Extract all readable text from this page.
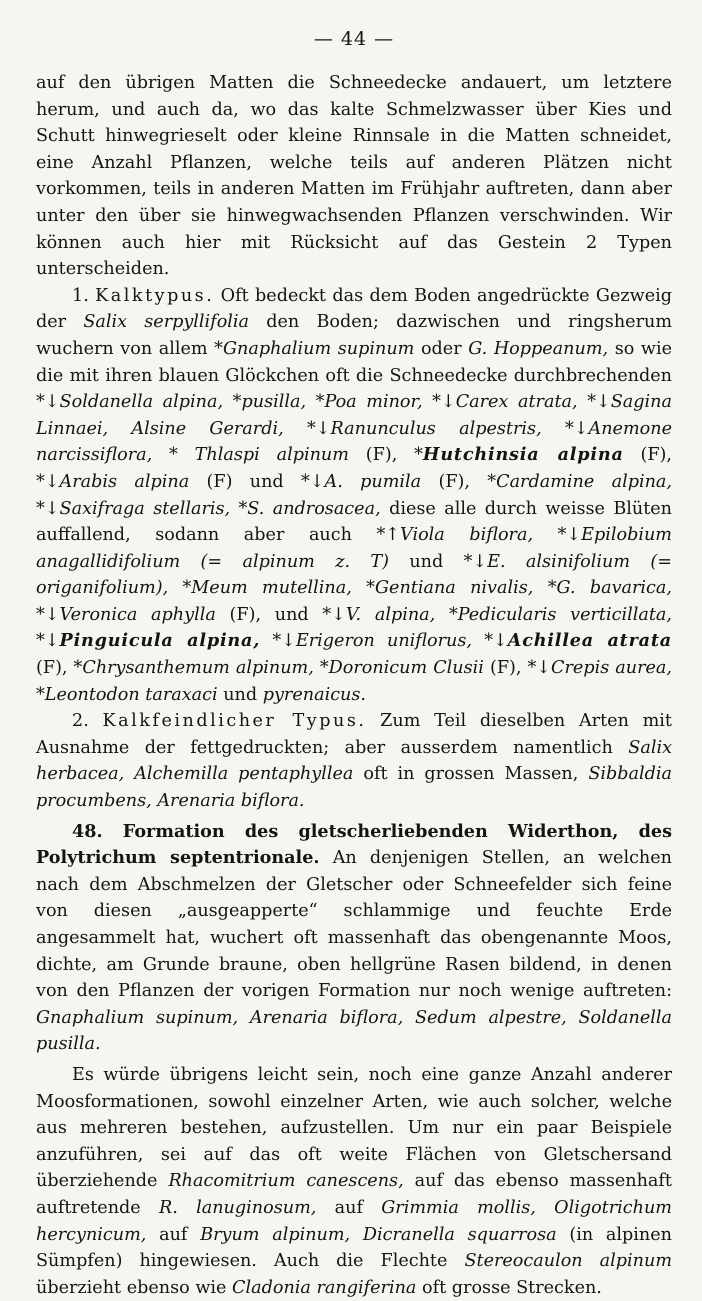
— 44 —

auf den übrigen Matten die Schneedecke andauert, um letztere herum, und auch da, wo das kalte Schmelzwasser über Kies und Schutt hinwegrieselt oder kleine Rinnsale in die Matten schneidet, eine Anzahl Pflanzen, welche teils auf anderen Plätzen nicht vorkommen, teils in anderen Matten im Frühjahr auftreten, dann aber unter den über sie hinwegwachsenden Pflanzen verschwinden. Wir können auch hier mit Rücksicht auf das Gestein 2 Typen unterscheiden.

1. Kalktypus. Oft bedeckt das dem Boden angedrückte Gezweig der Salix serpyllifolia den Boden; dazwischen und ringsherum wuchern von allem *Gnaphalium supinum oder G. Hoppeanum, so wie die mit ihren blauen Glöckchen oft die Schneedecke durchbrechenden *↓Soldanella alpina, *pusilla, *Poa minor, *↓Carex atrata, *↓Sagina Linnaei, Alsine Gerardi, *↓Ranunculus alpestris, *↓Anemone narcissiflora, * Thlaspi alpinum (F), *Hutchinsia alpina (F), *↓Arabis alpina (F) und *↓A. pumila (F), *Cardamine alpina, *↓Saxifraga stellaris, *S. androsacea, diese alle durch weisse Blüten auffallend, sodann aber auch *↑Viola biflora, *↓Epilobium anagallidifolium (= alpinum z. T) und *↓E. alsinifolium (= origanifolium), *Meum mutellina, *Gentiana nivalis, *G. bavarica, *↓Veronica aphylla (F), und *↓V. alpina, *Pedicularis verticillata, *↓Pinguicula alpina, *↓Erigeron uniflorus, *↓Achillea atrata (F), *Chrysanthemum alpinum, *Doronicum Clusii (F), *↓Crepis aurea, *Leontodon taraxaci und pyrenaicus.

2. Kalkfeindlicher Typus. Zum Teil dieselben Arten mit Ausnahme der fettgedruckten; aber ausserdem namentlich Salix herbacea, Alchemilla pentaphyllea oft in grossen Massen, Sibbaldia procumbens, Arenaria biflora.

48. Formation des gletscherliebenden Widerthon, des Polytrichum septentrionale. An denjenigen Stellen, an welchen nach dem Abschmelzen der Gletscher oder Schneefelder sich feine von diesen „ausgeapperte“ schlammige und feuchte Erde angesammelt hat, wuchert oft massenhaft das obengenannte Moos, dichte, am Grunde braune, oben hellgrüne Rasen bildend, in denen von den Pflanzen der vorigen Formation nur noch wenige auftreten: Gnaphalium supinum, Arenaria biflora, Sedum alpestre, Soldanella pusilla.

Es würde übrigens leicht sein, noch eine ganze Anzahl anderer Moosformationen, sowohl einzelner Arten, wie auch solcher, welche aus mehreren bestehen, aufzustellen. Um nur ein paar Beispiele anzuführen, sei auf das oft weite Flächen von Gletschersand überziehende Rhacomitrium canescens, auf das ebenso massenhaft auftretende R. lanuginosum, auf Grimmia mollis, Oligotrichum hercynicum, auf Bryum alpinum, Dicranella squarrosa (in alpinen Sümpfen) hingewiesen. Auch die Flechte Stereocaulon alpinum überzieht ebenso wie Cladonia rangiferina oft grosse Strecken.
